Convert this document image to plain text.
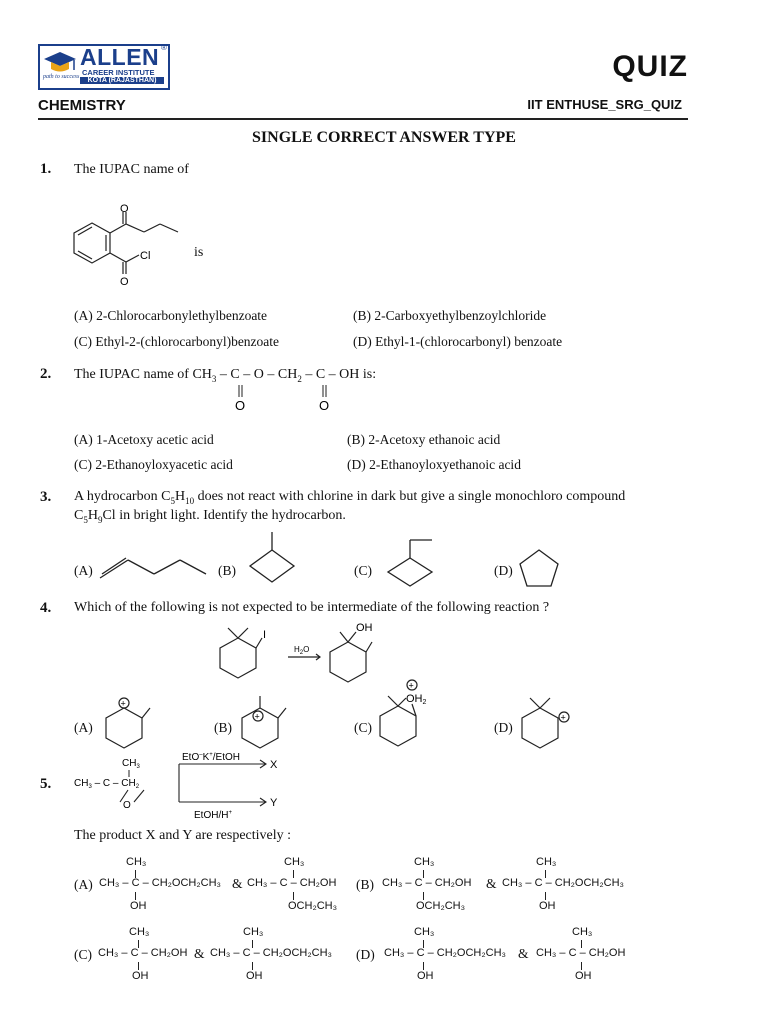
ALLEN ®
CAREER INSTITUTE
KOTA (RAJASTHAN)
path to success	QUIZ
CHEMISTRY	IIT ENTHUSE_SRG_QUIZ
SINGLE CORRECT ANSWER TYPE
1. The IUPAC name of
O
Cl
O
is
(A) 2-Chlorocarbonylethylbenzoate	(B) 2-Carboxyethylbenzoylchloride
(C) Ethyl-2-(chlorocarbonyl)benzoate	(D) Ethyl-1-(chlorocarbonyl) benzoate
2. The IUPAC name of $CH_3$ – C – O – $CH_2$ – C – OH is:
O	O
(A) 1-Acetoxy acetic acid	(B) 2-Acetoxy ethanoic acid
(C) 2-Ethanoyloxyacetic acid	(D) 2-Ethanoyloxyethanoic acid
3. A hydrocarbon $C_5H_{10}$ does not react with chlorine in dark but give a single monochloro compound
$C_5H_9Cl$ in bright light. Identify the hydrocarbon.
(A)	(B)	(C)	(D)
4. Which of the following is not expected to be intermediate of the following reaction ?
I
$H_2O$
OH
(A)
+
(B)
+
(C)
+
OH2
(D)
+
5.
$CH_3$
$CH_3$ – C – $CH_2$
O
EtO–K+/EtOH
X
EtOH/H+
Y
The product X and Y are respectively :
(A)
CH₃
CH₃ – C – CH₂OCH₂CH₃
OH
&
CH₃
CH₃ – C – CH₂OH
OCH₂CH₃
(B)
CH₃
CH₃ – C – CH₂OH
OCH₂CH₃
&
CH₃
CH₃ – C – CH₂OCH₂CH₃
OH
(C)
CH₃
CH₃ – C – CH₂OH
OH
&
CH₃
CH₃ – C – CH₂OCH₂CH₃
OH
(D)
CH₃
CH₃ – C – CH₂OCH₂CH₃
OH
&
CH₃
CH₃ – C – CH₂OH
OH
